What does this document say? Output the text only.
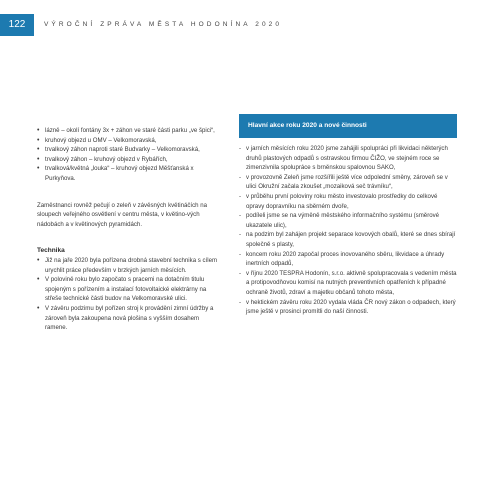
122	VÝROČNÍ ZPRÁVA MĚSTA HODONÍNA 2020
• lázně – okolí fontány 3x + záhon ve staré části parku „ve špici“,
• kruhový objezd u OMV – Velkomoravská,
• trvalkový záhon naproti staré Budvarky – Velkomoravská,
• trvalkový záhon – kruhový objezd v Rybářích,
• trvalková/květná „louka“ – kruhový objezd Měšťanská x Purkyňova.

Zaměstnanci rovněž pečují o zeleň v závěsných květináčích na sloupech veřejného osvětlení v centru města, v květino-vých nádobách a v květinových pyramidách.

Technika
• Již na jaře 2020 byla pořízena drobná stavební technika s cílem urychlit práce především v brzkých jarních měsících.
• V polovině roku bylo započato s pracemi na dotačním titulu spojeným s pořízením a instalací fotovoltaické elektrárny na střeše technické části budov na Velkomoravské ulici.
• V závěru podzimu byl pořízen stroj k provádění zimní údržby a zároveň byla zakoupena nová plošina s vyšším dosahem ramene.
Hlavní akce roku 2020 a nové činnosti
- v jarních měsících roku 2020 jsme zahájili spolupráci při likvidaci některých druhů plastových odpadů s ostravskou firmou ČIŽO, ve stejném roce se zimenzivnila spolupráce s brněnskou spalovnou SAKO,
- v provozovně Zeleň jsme rozšířili ještě více odpolední směny, zároveň se v ulici Okružní začala zkoušet „mozaiková seč trávníku“,
- v průběhu první poloviny roku město investovalo prostředky do celkové opravy dopravníku na sběrném dvoře,
- podíleli jsme se na výměně městského informačního systému (směrové ukazatele ulic),
- na podzim byl zahájen projekt separace kovových obalů, které se dnes sbírají společně s plasty,
- koncem roku 2020 započal proces inovovaného sběru, likvidace a úhrady inertních odpadů,
- v říjnu 2020 TESPRA Hodonín, s.r.o. aktivně spolupracovala s vedením města a protipovodňovou komisí na nutných preventivních opatřeních k případné ochraně životů, zdraví a majetku občanů tohoto města,
- v hektickém závěru roku 2020 vydala vláda ČR nový zákon o odpadech, který jsme ještě v prosinci promítli do naší činnosti.
